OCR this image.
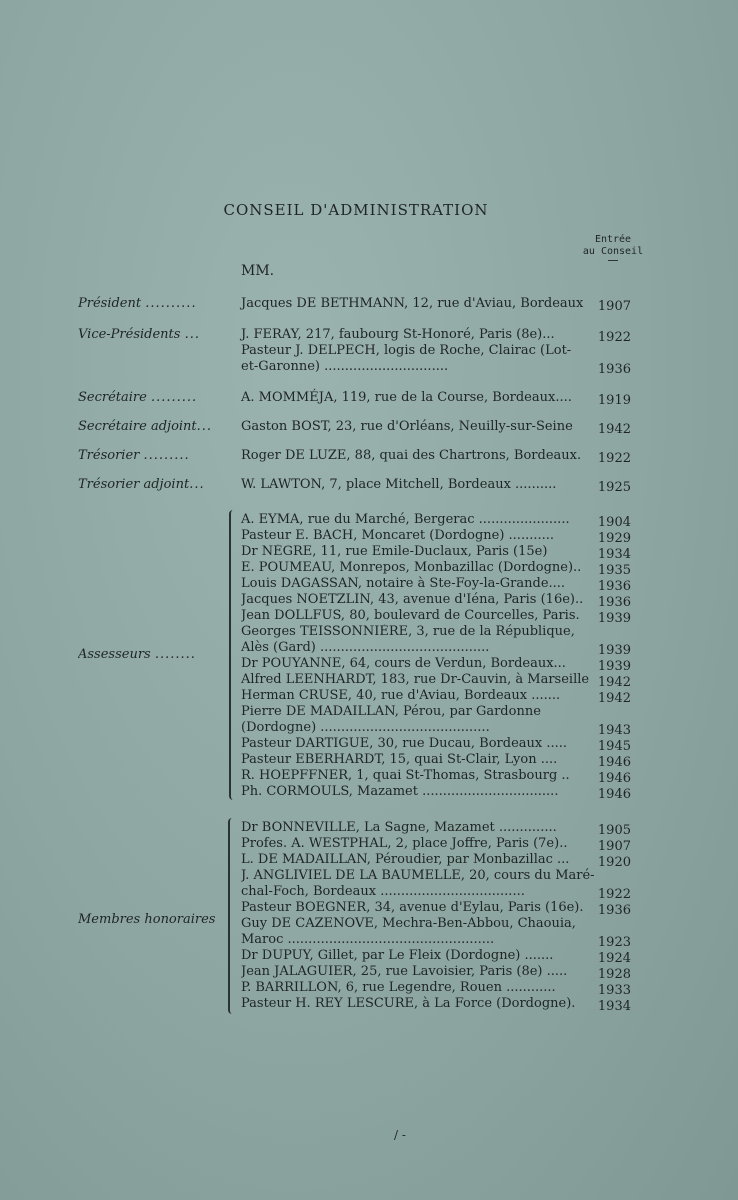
CONSEIL D'ADMINISTRATION
Entrée
au Conseil
MM.
Président ..........	Jacques DE BETHMANN, 12, rue d'Aviau, Bordeaux	1907
Vice-Présidents ...	J. FERAY, 217, faubourg St-Honoré, Paris (8e)...	1922
Pasteur J. DELPECH, logis de Roche, Clairac (Lot-et-Garonne) ..............................	1936
Secrétaire .........	A. MOMMÉJA, 119, rue de la Course, Bordeaux....	1919
Secrétaire adjoint...	Gaston BOST, 23, rue d'Orléans, Neuilly-sur-Seine	1942
Trésorier .........	Roger DE LUZE, 88, quai des Chartrons, Bordeaux.	1922
Trésorier adjoint...	W. LAWTON, 7, place Mitchell, Bordeaux ..........	1925
Assesseurs ........
A. EYMA, rue du Marché, Bergerac ......................	1904
Pasteur E. BACH, Moncaret (Dordogne) ...........	1929
Dr NÈGRE, 11, rue Emile-Duclaux, Paris (15e)	1934
E. POUMEAU, Monrepos, Monbazillac (Dordogne)..	1935
Louis DAGASSAN, notaire à Ste-Foy-la-Grande....	1936
Jacques NOETZLIN, 43, avenue d'Iéna, Paris (16e)..	1936
Jean DOLLFUS, 80, boulevard de Courcelles, Paris.	1939
Georges TEISSONNIÈRE, 3, rue de la République,
Alès (Gard) .........................................	1939
Dr POUYANNE, 64, cours de Verdun, Bordeaux...	1939
Alfred LEENHARDT, 183, rue Dr-Cauvin, à Marseille 1942
Herman CRUSE, 40, rue d'Aviau, Bordeaux .......	1942
Pierre DE MADAILLAN, Pérou, par Gardonne
(Dordogne) .........................................	1943
Pasteur DARTIGUE, 30, rue Ducau, Bordeaux .....	1945
Pasteur EBERHARDT, 15, quai St-Clair, Lyon ....	1946
R. HOEPFFNER, 1, quai St-Thomas, Strasbourg ..	1946
Ph. CORMOULS, Mazamet .................................	1946
Membres honoraires
Dr BONNEVILLE, La Sagne, Mazamet ..............	1905
Profes. A. WESTPHAL, 2, place Joffre, Paris (7e)..	1907
L. DE MADAILLAN, Péroudier, par Monbazillac ...	1920
J. ANGLIVIEL DE LA BAUMELLE, 20, cours du Maré-
chal-Foch, Bordeaux ...................................	1922
Pasteur BOEGNER, 34, avenue d'Eylau, Paris (16e).	1936
Guy DE CAZENOVE, Mechra-Ben-Abbou, Chaouia,
Maroc ..................................................	1923
Dr DUPUY, Gillet, par Le Fleix (Dordogne) .......	1924
Jean JALAGUIER, 25, rue Lavoisier, Paris (8e) .....	1928
P. BARRILLON, 6, rue Legendre, Rouen ............	1933
Pasteur H. REY LESCURE, à La Force (Dordogne).	1934
/ -
